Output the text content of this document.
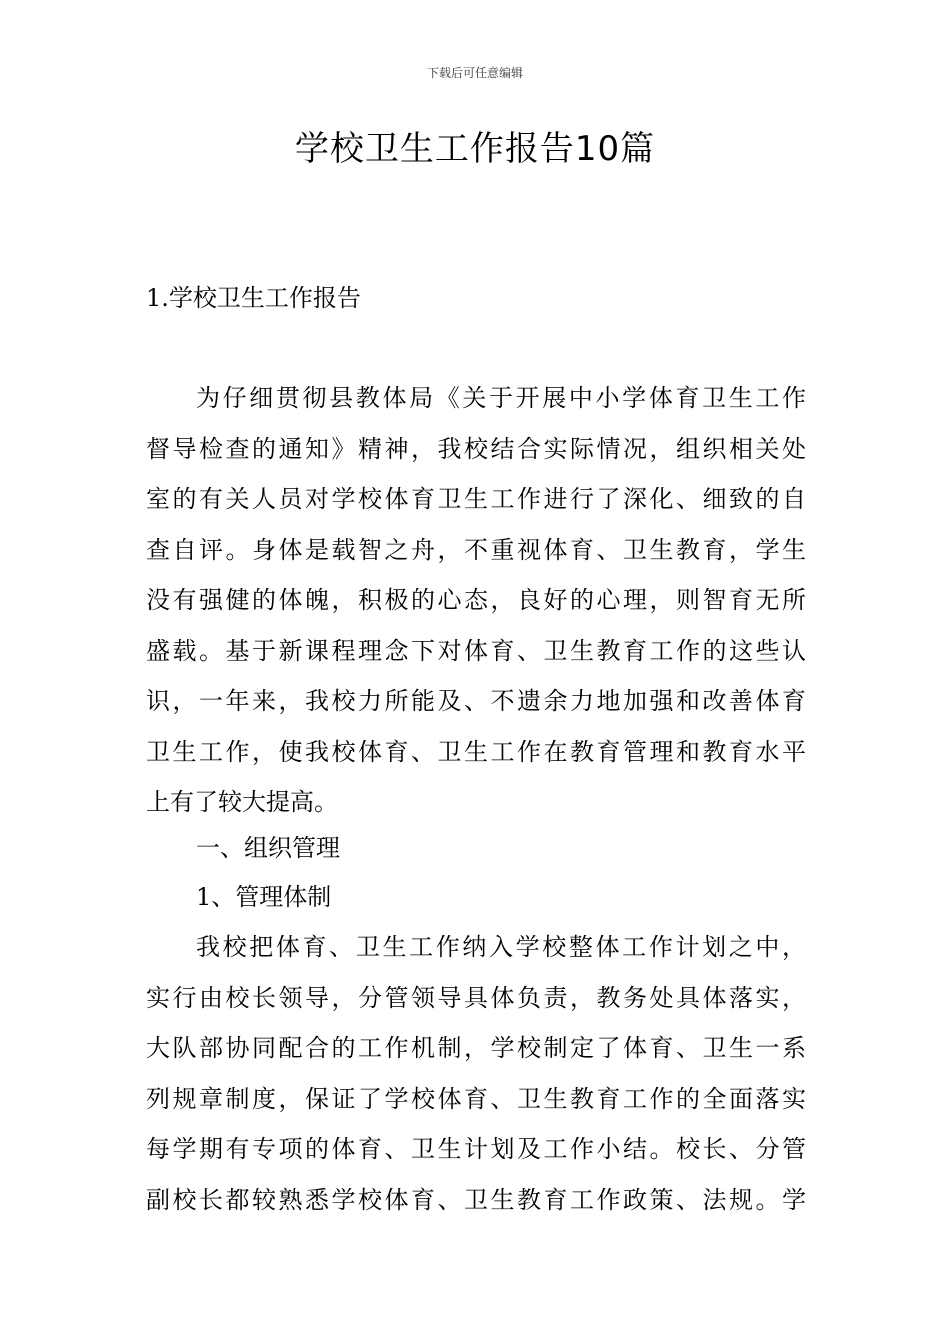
下载后可任意编辑
学校卫生工作报告10篇
1.学校卫生工作报告

为仔细贯彻县教体局《关于开展中小学体育卫生工作
督导检查的通知》精神，我校结合实际情况，组织相关处
室的有关人员对学校体育卫生工作进行了深化、细致的自
查自评。身体是载智之舟，不重视体育、卫生教育，学生
没有强健的体魄，积极的心态，良好的心理，则智育无所
盛载。基于新课程理念下对体育、卫生教育工作的这些认
识，一年来，我校力所能及、不遗余力地加强和改善体育
卫生工作，使我校体育、卫生工作在教育管理和教育水平
上有了较大提高。

一、组织管理

1、管理体制

我校把体育、卫生工作纳入学校整体工作计划之中，
实行由校长领导，分管领导具体负责，教务处具体落实，
大队部协同配合的工作机制，学校制定了体育、卫生一系
列规章制度，保证了学校体育、卫生教育工作的全面落实
每学期有专项的体育、卫生计划及工作小结。校长、分管
副校长都较熟悉学校体育、卫生教育工作政策、法规。学
